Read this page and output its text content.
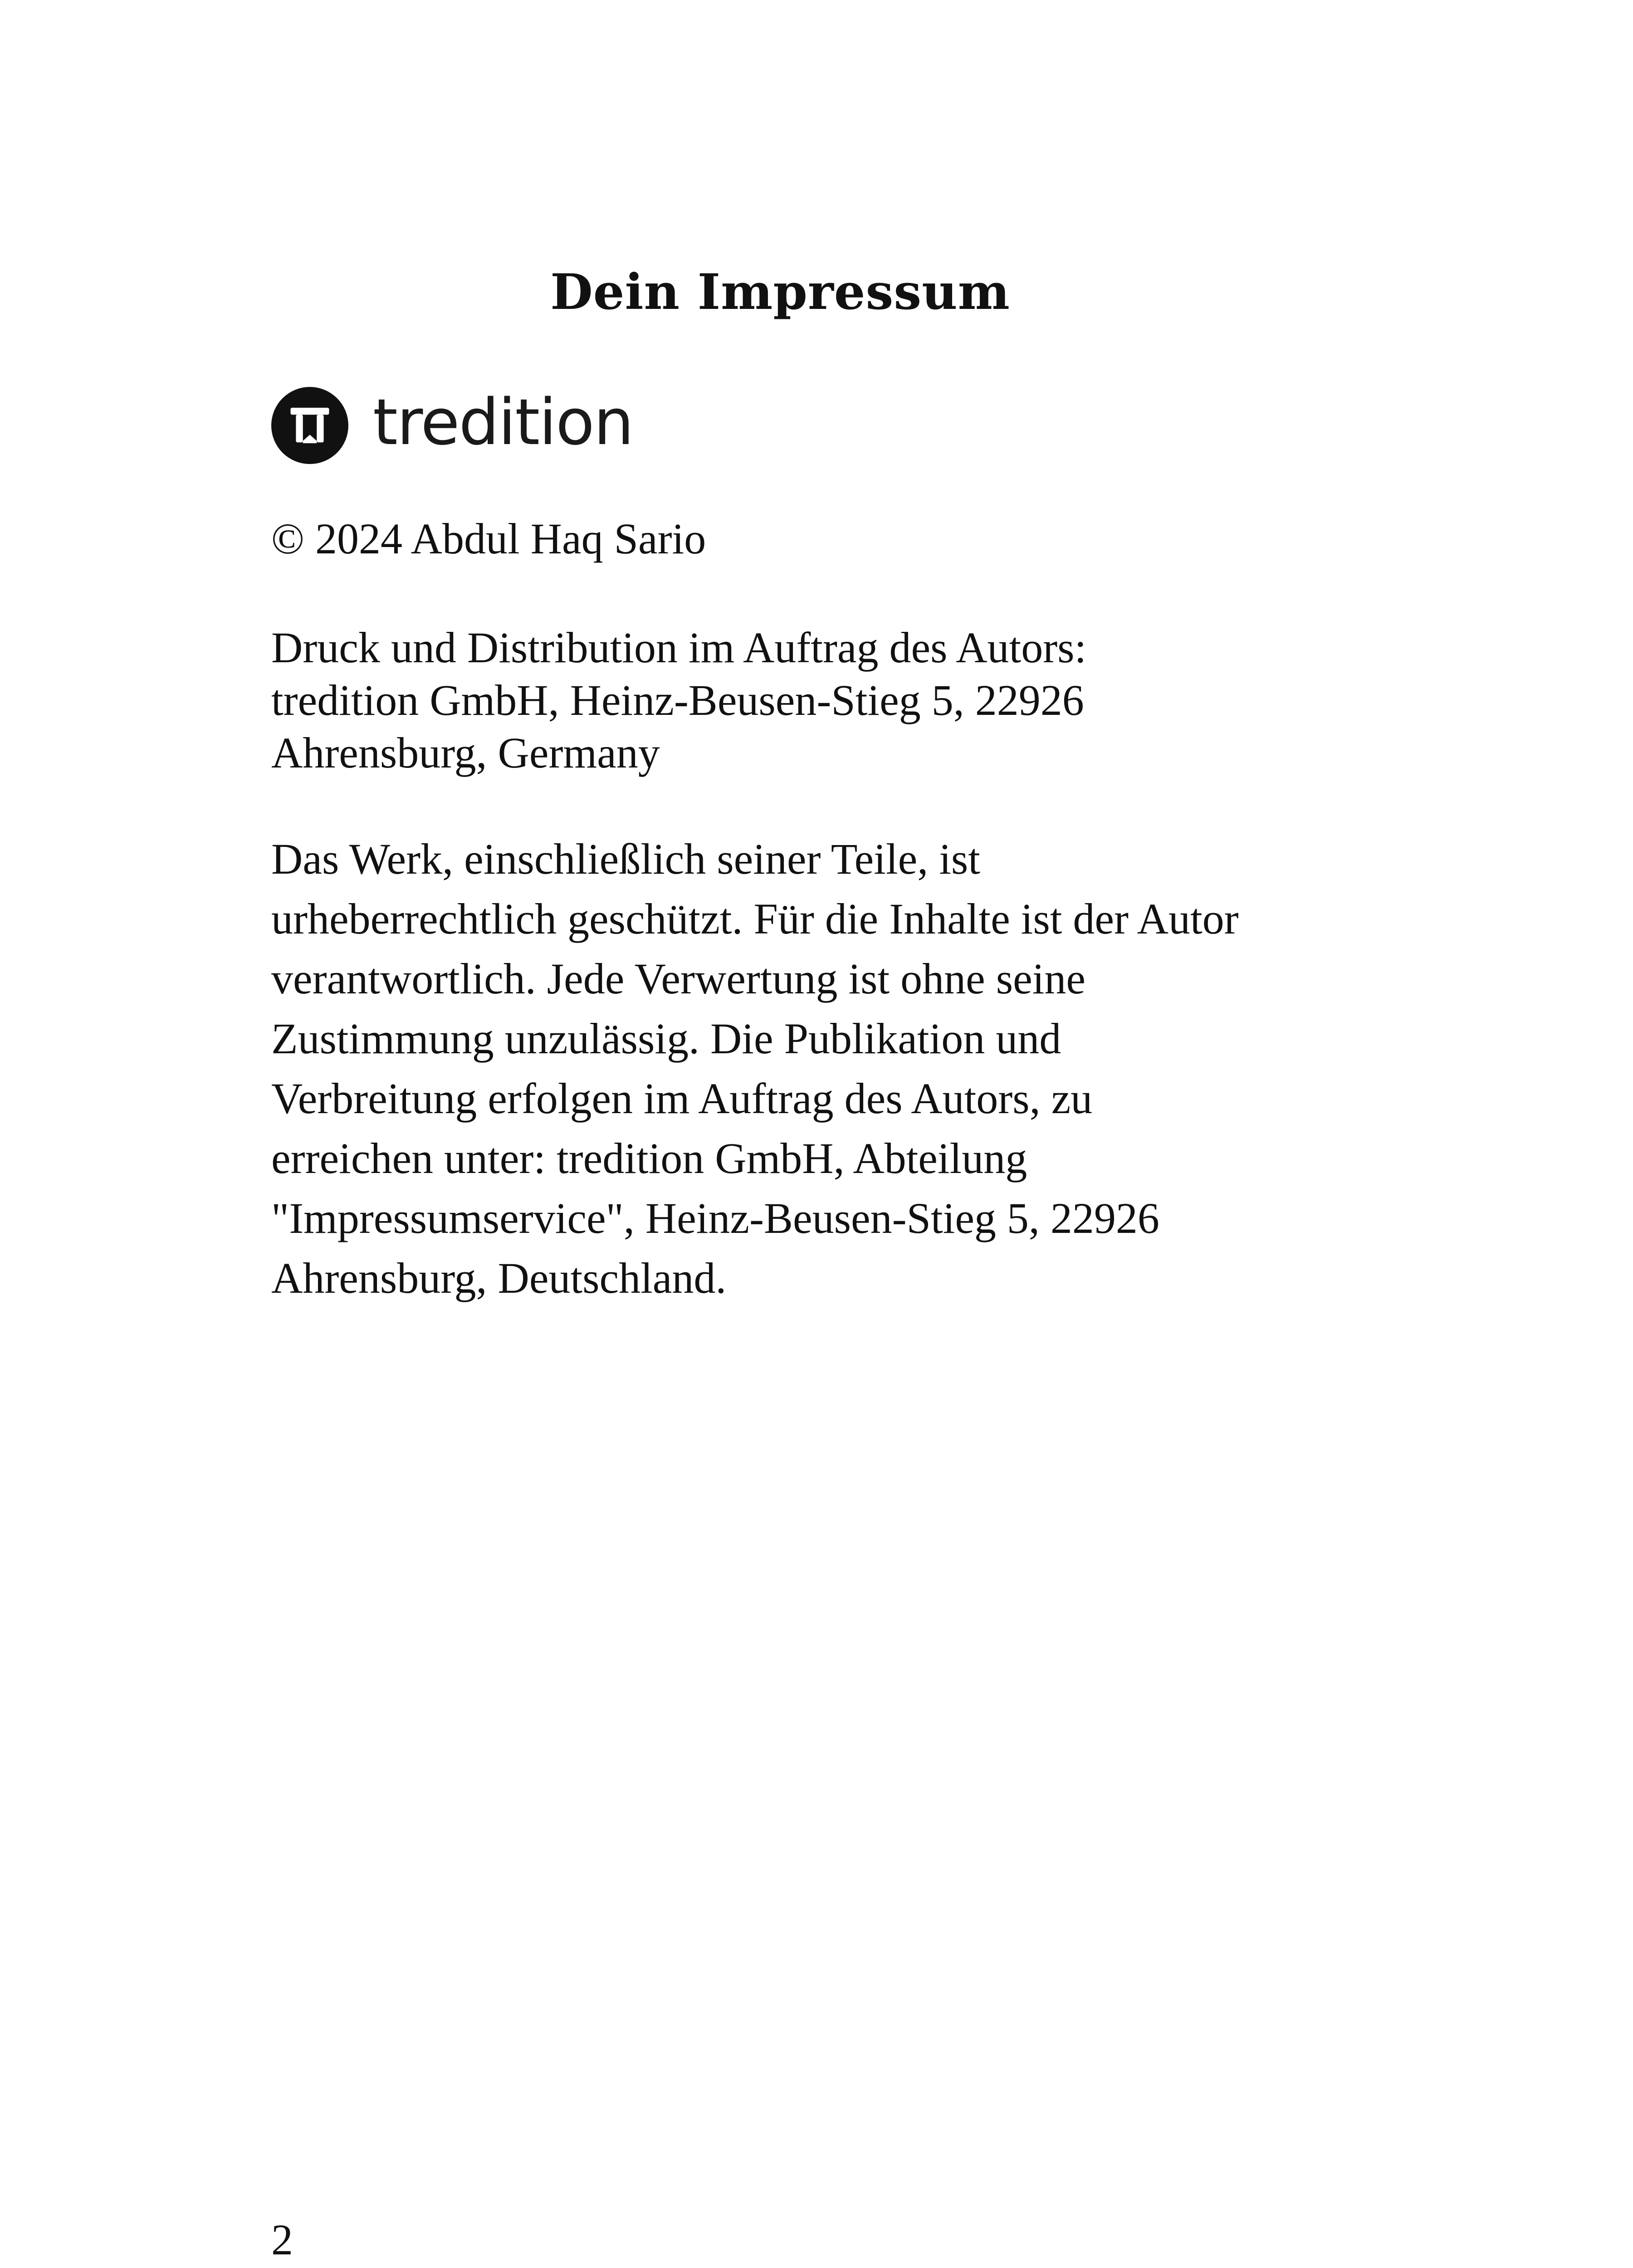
Dein Impressum
tredition
© 2024 Abdul Haq Sario
Druck und Distribution im Auftrag des Autors:
tredition GmbH, Heinz-Beusen-Stieg 5, 22926
Ahrensburg, Germany
Das Werk, einschließlich seiner Teile, ist
urheberrechtlich geschützt. Für die Inhalte ist der Autor
verantwortlich. Jede Verwertung ist ohne seine
Zustimmung unzulässig. Die Publikation und
Verbreitung erfolgen im Auftrag des Autors, zu
erreichen unter: tredition GmbH, Abteilung
"Impressumservice", Heinz-Beusen-Stieg 5, 22926
Ahrensburg, Deutschland.
2
